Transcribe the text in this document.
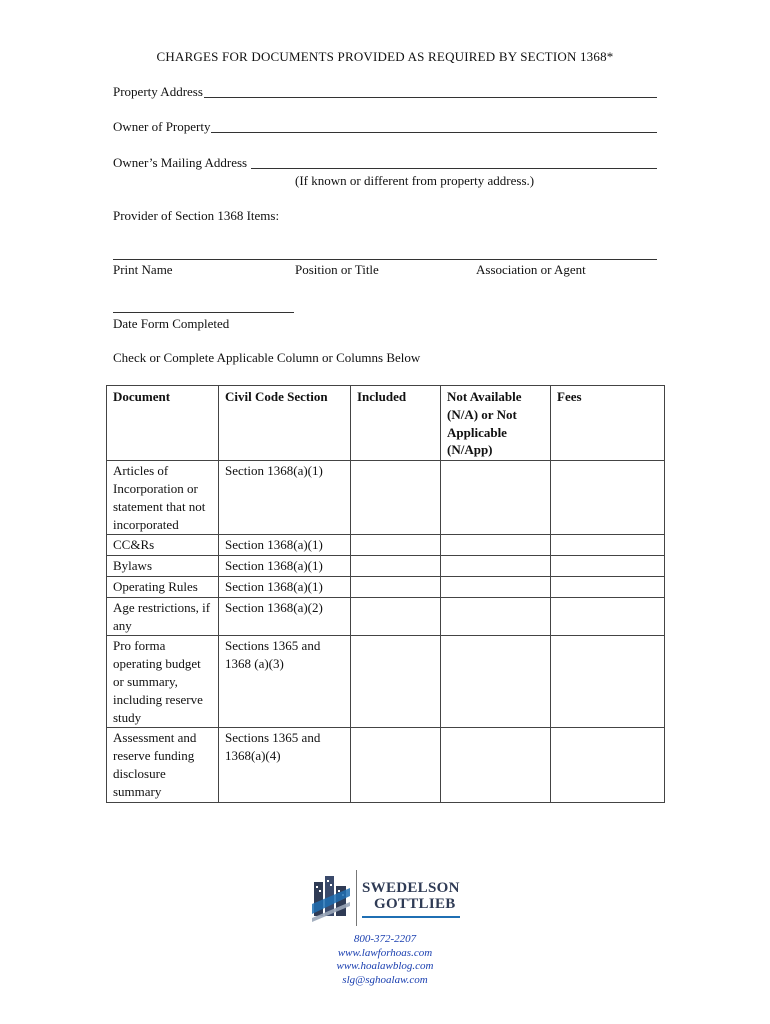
CHARGES FOR DOCUMENTS PROVIDED AS REQUIRED BY SECTION 1368*
Property Address
Owner of Property
Owner’s Mailing Address
(If known or different from property address.)
Provider of Section 1368 Items:
Print Name	Position or Title	Association or Agent
Date Form Completed
Check or Complete Applicable Column or Columns Below
Document	Civil Code Section	Included	Not Available (N/A) or Not Applicable (N/App)	Fees
Articles of Incorporation or statement that not incorporated	Section 1368(a)(1)			
CC&Rs	Section 1368(a)(1)			
Bylaws	Section 1368(a)(1)			
Operating Rules	Section 1368(a)(1)			
Age restrictions, if any	Section 1368(a)(2)			
Pro forma operating budget or summary, including reserve study	Sections 1365 and 1368 (a)(3)			
Assessment and reserve funding disclosure summary	Sections 1365 and 1368(a)(4)			
SWEDELSON
GOTTLIEB
800-372-2207
www.lawforhoas.com
www.hoalawblog.com
slg@sghoalaw.com
